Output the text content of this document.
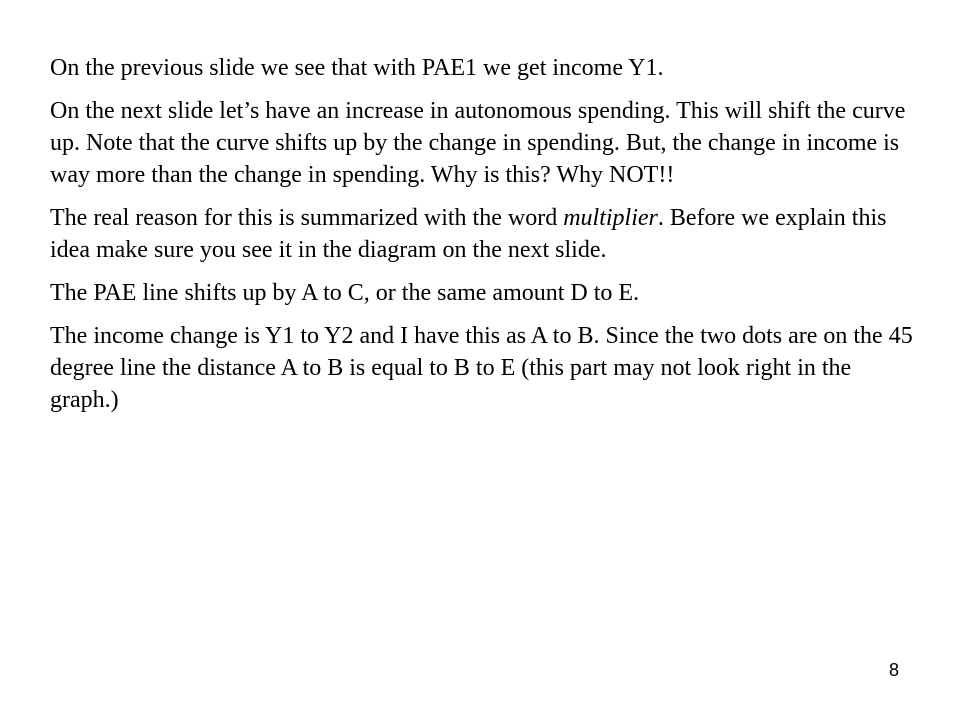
On the previous slide we see that with PAE1 we get income Y1.

On the next slide let’s have an increase in autonomous spending. This will shift the curve up. Note that the curve shifts up by the change in spending. But, the change in income is way more than the change in spending. Why is this? Why NOT!!

The real reason for this is summarized with the word multiplier. Before we explain this idea make sure you see it in the diagram on the next slide.

The PAE line shifts up by A to C, or the same amount D to E.

The income change is Y1 to Y2 and I have this as A to B. Since the two dots are on the 45 degree line the distance A to B is equal to B to E (this part may not look right in the graph.)

8
